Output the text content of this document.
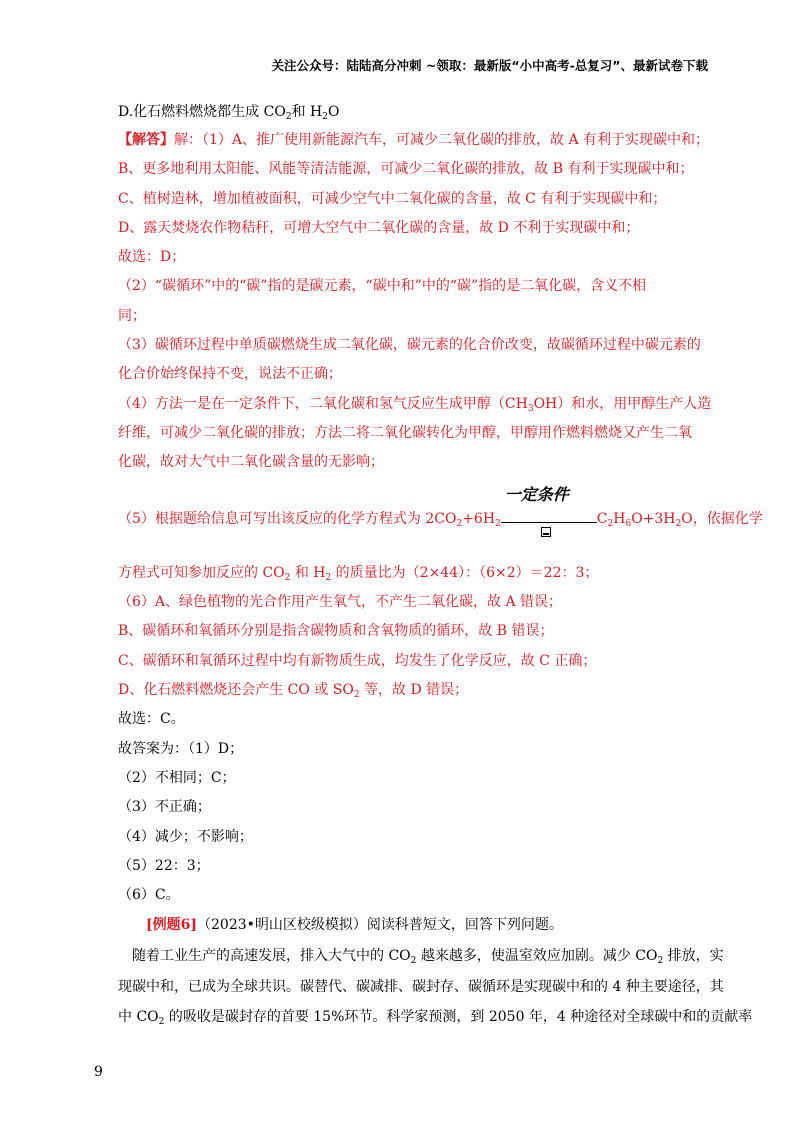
关注公众号：陆陆高分冲刺 ~领取：最新版“小中高考-总复习”、最新试卷下载
D.化石燃料燃烧都生成 $CO_2$和 $H_2O$
【解答】解：（1）A、推广使用新能源汽车，可减少二氧化碳的排放，故 A 有利于实现碳中和；
B、更多地利用太阳能、风能等清洁能源，可减少二氧化碳的排放，故 B 有利于实现碳中和；
C、植树造林，增加植被面积，可减少空气中二氧化碳的含量，故 C 有利于实现碳中和；
D、露天焚烧农作物秸秆，可增大空气中二氧化碳的含量，故 D 不利于实现碳中和；
故选：D；
（2）“碳循环”中的“碳”指的是碳元素，“碳中和”中的“碳”指的是二氧化碳，含义不相
同；
（3）碳循环过程中单质碳燃烧生成二氧化碳，碳元素的化合价改变，故碳循环过程中碳元素的
化合价始终保持不变，说法不正确；
（4）方法一是在一定条件下，二氧化碳和氢气反应生成甲醇$(CH_3OH)$和水，用甲醇生产人造
纤维，可减少二氧化碳的排放；方法二将二氧化碳转化为甲醇，甲醇用作燃料燃烧又产生二氧
化碳，故对大气中二氧化碳含量的无影响；
（5）根据题给信息可写出该反应的化学方程式为 $2CO_2+6H_2$
一定条件
$C_2H_6O+3H_2O$，依据化学
方程式可知参加反应的 $CO_2$ 和 $H_2$ 的质量比为（2×44）：（6×2）＝22：3；
（6）A、绿色植物的光合作用产生氧气，不产生二氧化碳，故 A 错误；
B、碳循环和氧循环分别是指含碳物质和含氧物质的循环，故 B 错误；
C、碳循环和氧循环过程中均有新物质生成，均发生了化学反应，故 C 正确；
D、化石燃料燃烧还会产生 CO 或 $SO_2$ 等，故 D 错误；
故选：C。
故答案为：（1）D；
（2）不相同；C；
（3）不正确；
（4）减少；不影响；
（5）22：3；
（6）C。
[例题6]（2023•明山区校级模拟）阅读科普短文，回答下列问题。
随着工业生产的高速发展，排入大气中的 $CO_2$ 越来越多，使温室效应加剧。减少 $CO_2$ 排放，实
现碳中和，已成为全球共识。碳替代、碳减排、碳封存、碳循环是实现碳中和的 4 种主要途径，其
中 $CO_2$ 的吸收是碳封存的首要 15%环节。科学家预测，到 2050 年，4 种途径对全球碳中和的贡献率
9
